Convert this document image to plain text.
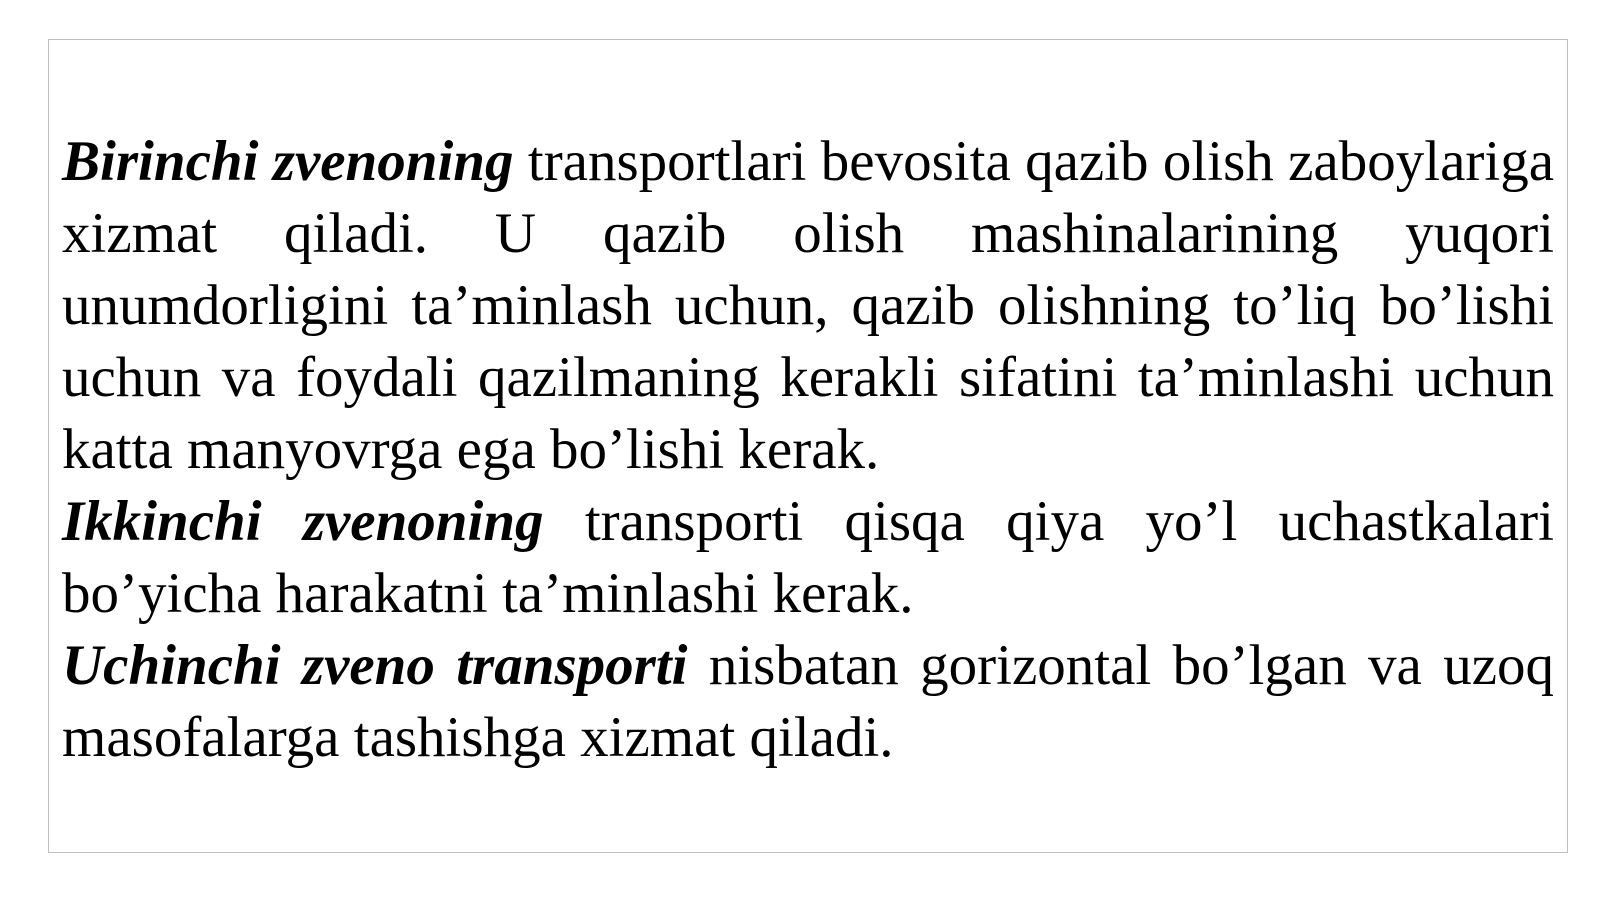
Birinchi zvenoning transportlari bevosita qazib olish zaboylariga xizmat qiladi. U qazib olish mashinalarining yuqori unumdorligini ta’minlash uchun, qazib olishning to’liq bo’lishi uchun va foydali qazilmaning kerakli sifatini ta’minlashi uchun katta manyovrga ega bo’lishi kerak.

Ikkinchi zvenoning transporti qisqa qiya yo’l uchastkalari bo’yicha harakatni ta’minlashi kerak.

Uchinchi zveno transporti nisbatan gorizontal bo’lgan va uzoq masofalarga tashishga xizmat qiladi.
